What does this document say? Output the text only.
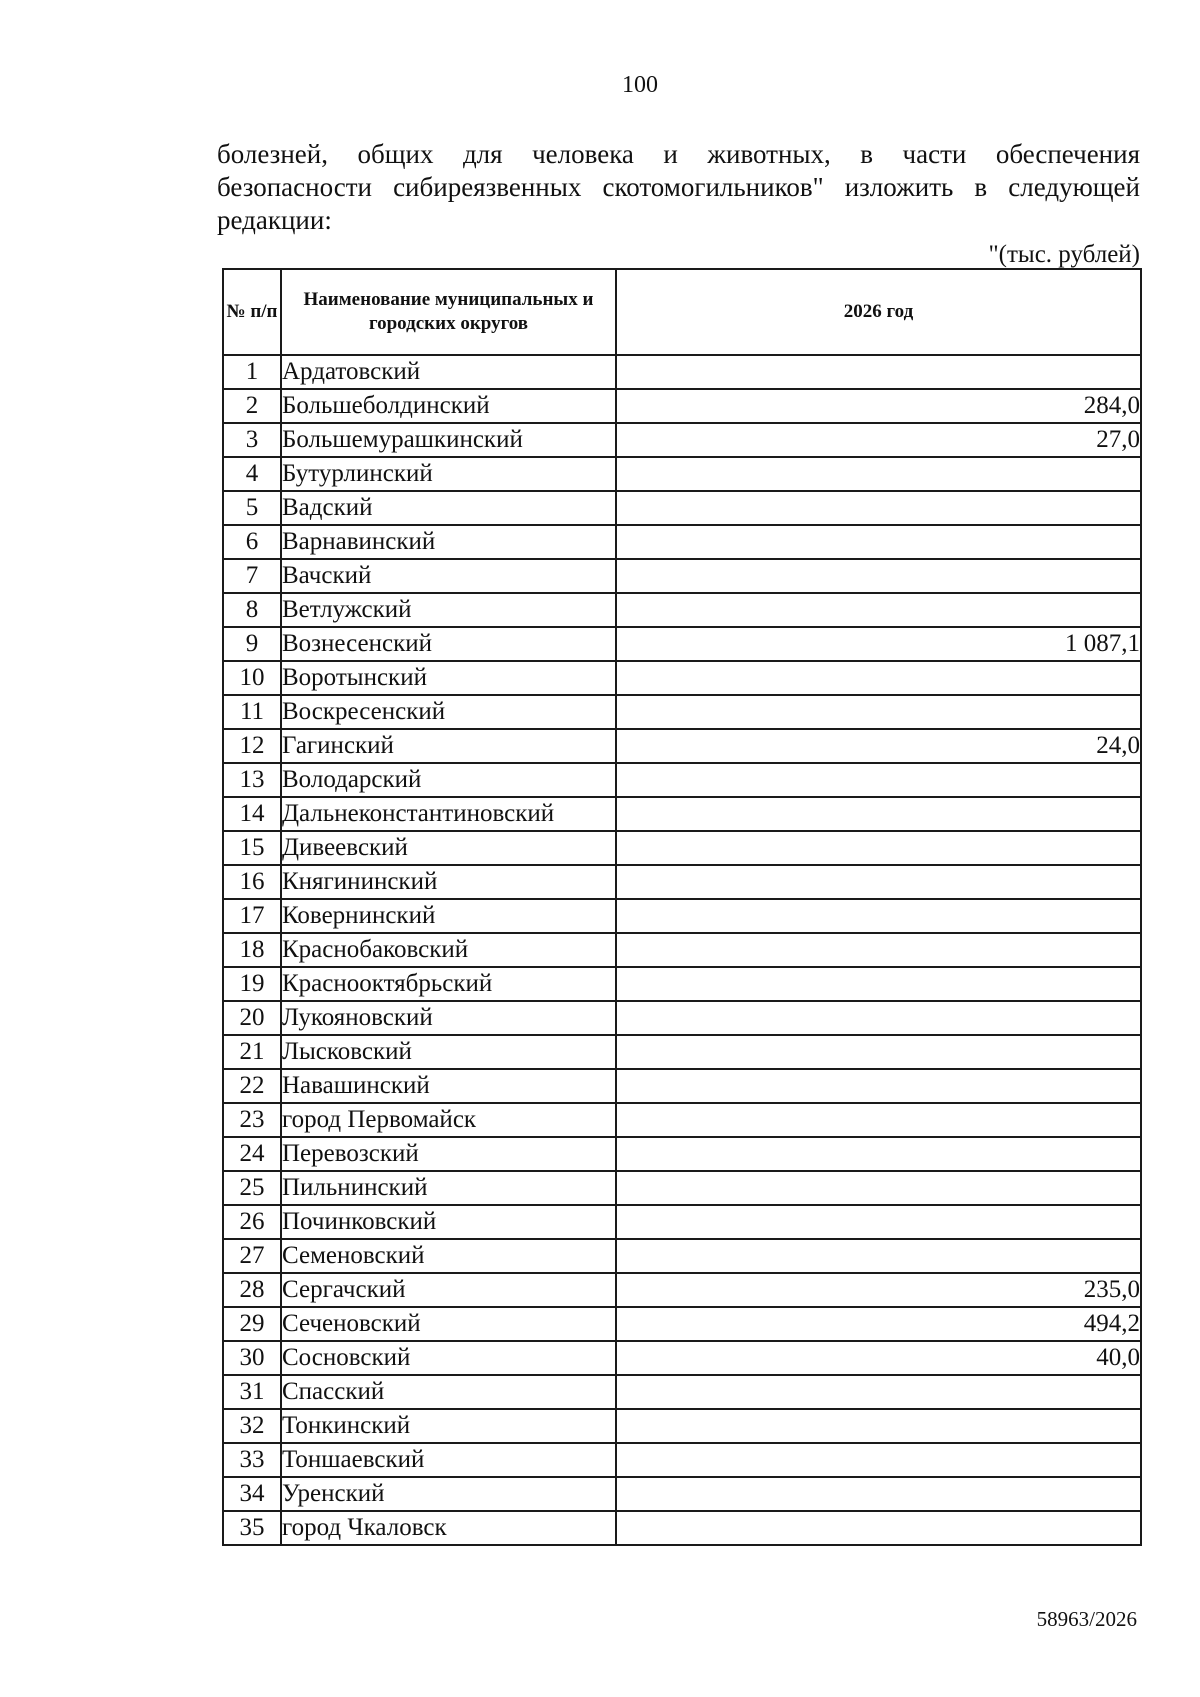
100
болезней, общих для человека и животных, в части обеспечения
безопасности сибиреязвенных скотомогильников" изложить в следующей
редакции:
"(тыс. рублей)
№ п/п	Наименование муниципальных и городских округов	2026 год
1	Ардатовский	
2	Большеболдинский	284,0
3	Большемурашкинский	27,0
4	Бутурлинский	
5	Вадский	
6	Варнавинский	
7	Вачский	
8	Ветлужский	
9	Вознесенский	1 087,1
10	Воротынский	
11	Воскресенский	
12	Гагинский	24,0
13	Володарский	
14	Дальнеконстантиновский	
15	Дивеевский	
16	Княгининский	
17	Ковернинский	
18	Краснобаковский	
19	Краснооктябрьский	
20	Лукояновский	
21	Лысковский	
22	Навашинский	
23	город Первомайск	
24	Перевозский	
25	Пильнинский	
26	Починковский	
27	Семеновский	
28	Сергачский	235,0
29	Сеченовский	494,2
30	Сосновский	40,0
31	Спасский	
32	Тонкинский	
33	Тоншаевский	
34	Уренский	
35	город Чкаловск	
58963/2026
